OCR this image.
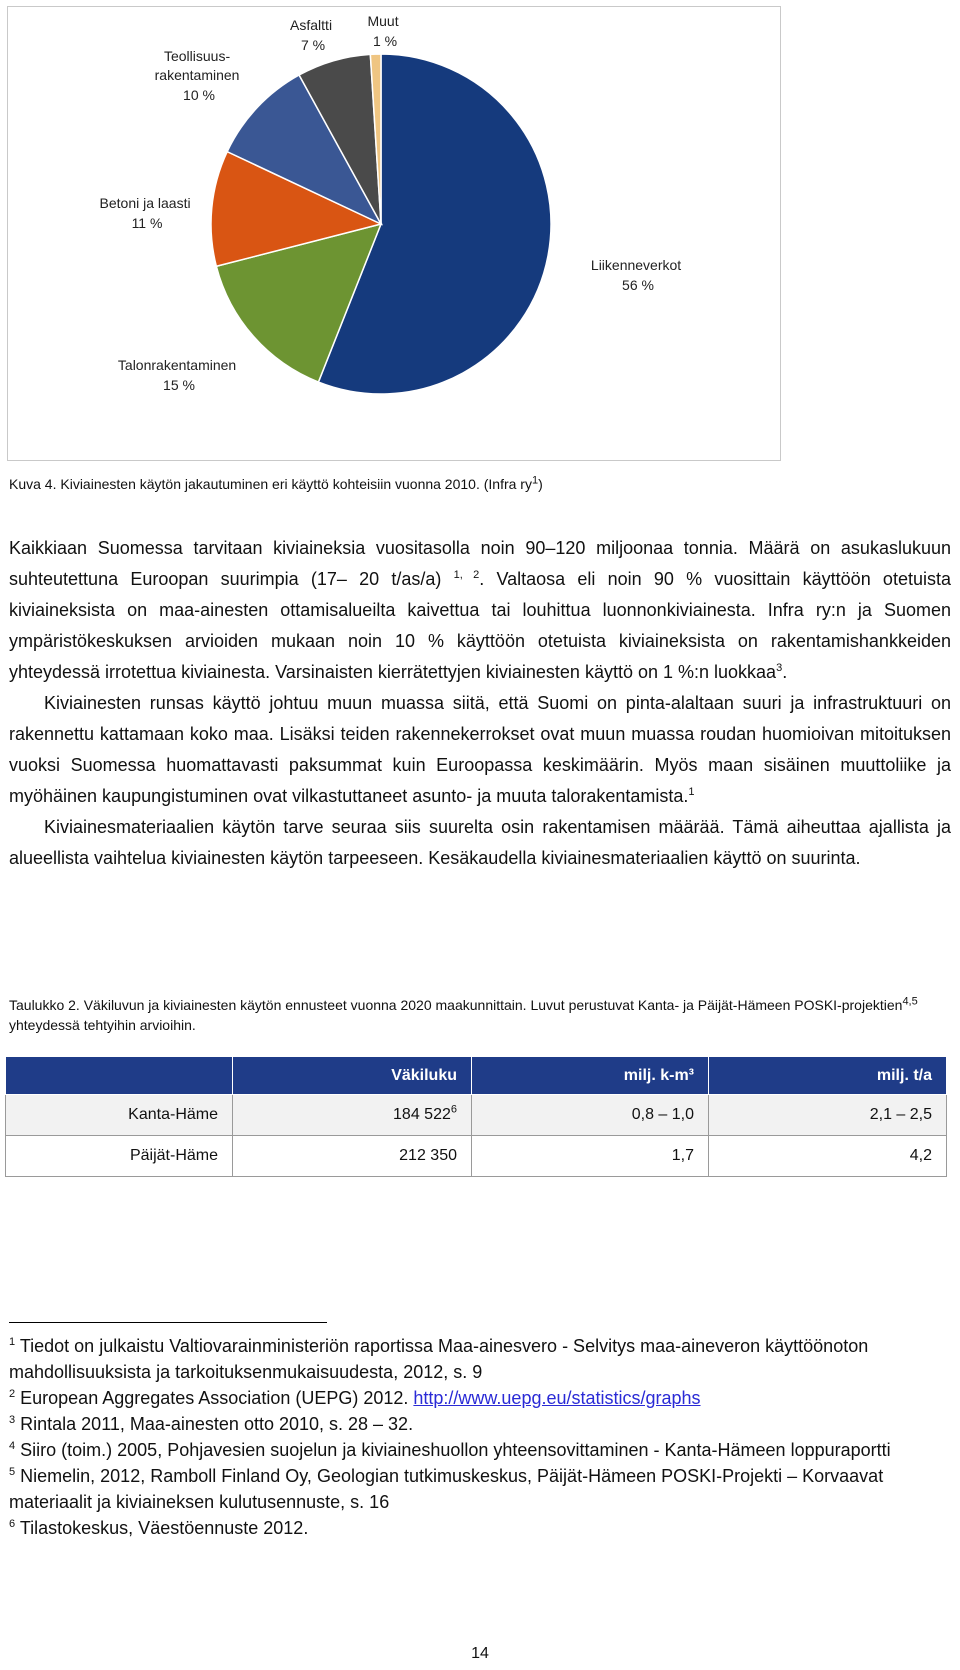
Liikenneverkot 56 %
Talonrakentaminen 15 %
Betoni ja laasti 11 %
Teollisuus- rakentaminen 10 %
Asfaltti 7 %
Muut 1 %
Kuva 4. Kiviainesten käytön jakautuminen eri käyttö kohteisiin vuonna 2010. (Infra $ry^1$)

Kaikkiaan Suomessa tarvitaan kiviaineksia vuositasolla noin 90–120 miljoonaa tonnia. Määrä on asukaslukuun suhteutettuna Euroopan suurimpia (17– 20 t/as/a) $^{1, 2}$. Valtaosa eli noin 90 % vuosittain käyttöön otetuista kiviaineksista on maa-ainesten ottamisalueilta kaivettua tai louhittua luonnonkiviainesta. Infra ry:n ja Suomen ympäristökeskuksen arvioiden mukaan noin 10 % käyttöön otetuista kiviaineksista on rakentamishankkeiden yhteydessä irrotettua kiviainesta. Varsinaisten kierrätettyjen kiviainesten käyttö on 1 %:n luokkaa$^3$.

Kiviainesten runsas käyttö johtuu muun muassa siitä, että Suomi on pinta-alaltaan suuri ja infrastruktuuri on rakennettu kattamaan koko maa. Lisäksi teiden rakennekerrokset ovat muun muassa roudan huomioivan mitoituksen vuoksi Suomessa huomattavasti paksummat kuin Euroopassa keskimäärin. Myös maan sisäinen muuttoliike ja myöhäinen kaupungistuminen ovat vilkastuttaneet asunto- ja muuta talorakentamista.$^1$

Kiviainesmateriaalien käytön tarve seuraa siis suurelta osin rakentamisen määrää. Tämä aiheuttaa ajallista ja alueellista vaihtelua kiviainesten käytön tarpeeseen. Kesäkaudella kiviainesmateriaalien käyttö on suurinta.

Taulukko 2. Väkiluvun ja kiviainesten käytön ennusteet vuonna 2020 maakunnittain. Luvut perustuvat Kanta- ja Päijät-Hämeen POSKI-projektien$^{4,5}$ yhteydessä tehtyihin arvioihin.
	Väkiluku	milj. k-m³	milj. t/a
Kanta-Häme	184 $522^6$	0,8 – 1,0	2,1 – 2,5
Päijät-Häme	212 350	1,7	4,2

$^1$ Tiedot on julkaistu Valtiovarainministeriön raportissa Maa-ainesvero - Selvitys maa-aineveron käyttöönoton mahdollisuuksista ja tarkoituksenmukaisuudesta, 2012, s. 9

$^2$ European Aggregates Association (UEPG) 2012. http://www.uepg.eu/statistics/graphs

$^3$ Rintala 2011, Maa-ainesten otto 2010, s. 28 – 32.

$^4$ Siiro (toim.) 2005, Pohjavesien suojelun ja kiviaineshuollon yhteensovittaminen - Kanta-Hämeen loppuraportti

$^5$ Niemelin, 2012, Ramboll Finland Oy, Geologian tutkimuskeskus, Päijät-Hämeen POSKI-Projekti – Korvaavat materiaalit ja kiviaineksen kulutusennuste, s. 16

$^6$ Tilastokeskus, Väestöennuste 2012.

14
